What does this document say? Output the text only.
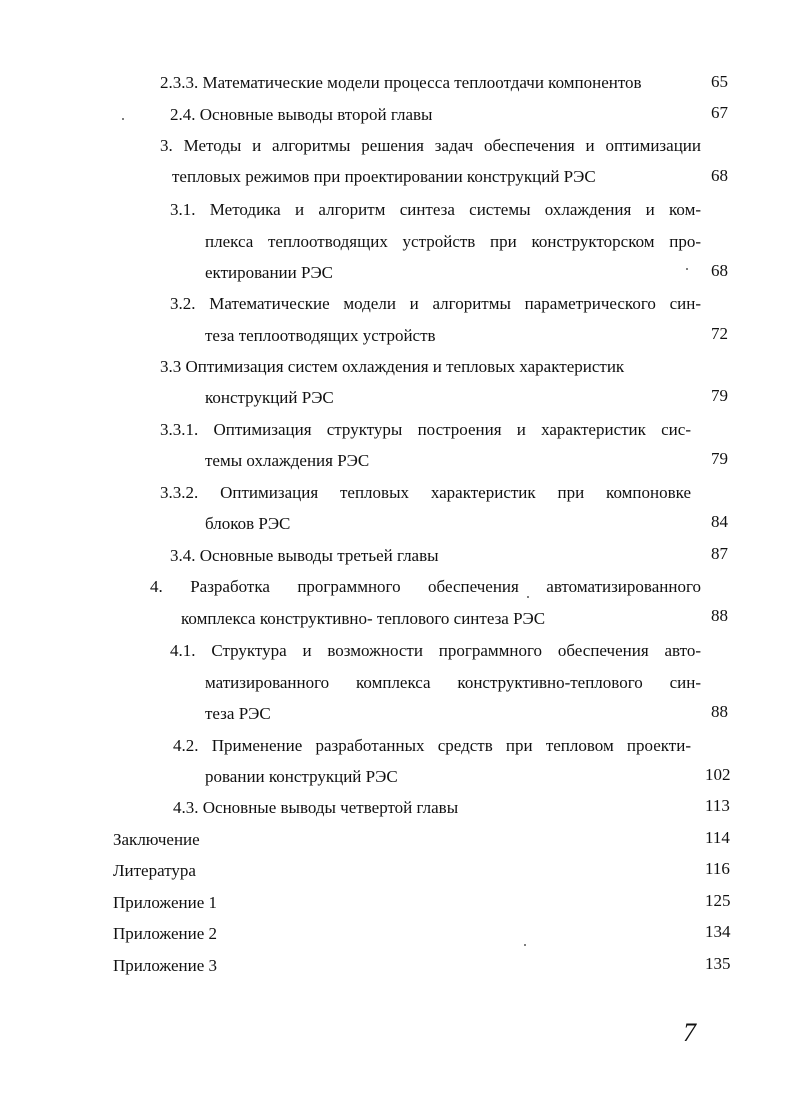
2.3.3. Математические модели процесса теплоотдачи компонентов	65
2.4. Основные выводы второй главы	67
3. Методы и алгоритмы решения задач обеспечения и оптимизации
тепловых режимов при проектировании конструкций РЭС	68
3.1. Методика и алгоритм синтеза системы охлаждения и ком-
плекса теплоотводящих устройств при конструкторском про-
ектировании РЭС	68
3.2. Математические модели и алгоритмы параметрического син-
теза теплоотводящих устройств	72
3.3 Оптимизация систем охлаждения и тепловых характеристик
конструкций РЭС	79
3.3.1. Оптимизация структуры построения и характеристик сис-
темы охлаждения РЭС	79
3.3.2. Оптимизация тепловых характеристик при компоновке
блоков РЭС	84
3.4. Основные выводы третьей главы	87
4. Разработка программного обеспечения автоматизированного
комплекса конструктивно- теплового синтеза РЭС	88
4.1. Структура и возможности программного обеспечения авто-
матизированного комплекса конструктивно-теплового син-
теза РЭС	88
4.2. Применение разработанных средств при тепловом проекти-
ровании конструкций РЭС	102
4.3. Основные выводы четвертой главы	113
Заключение	114
Литература	116
Приложение 1	125
Приложение 2	134
Приложение 3	135
7
